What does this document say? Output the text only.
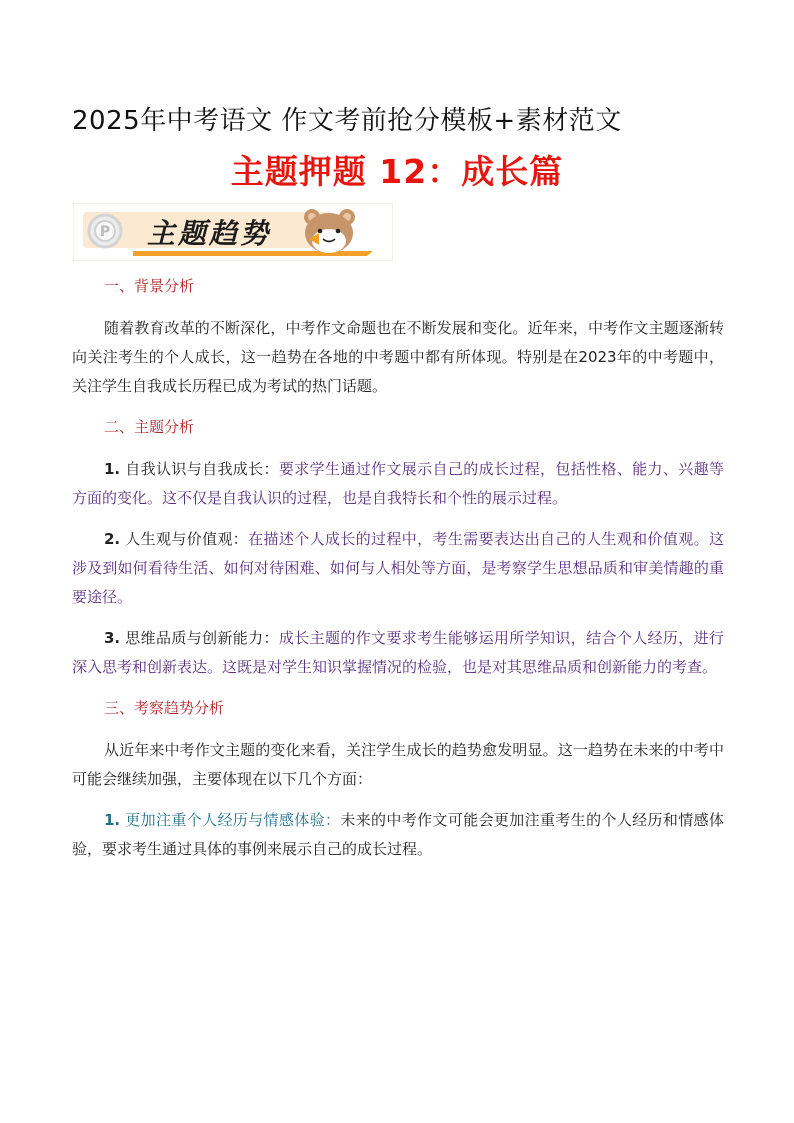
2025年中考语文 作文考前抢分模板+素材范文
主题押题 12：成长篇
P 主题趋势
一、背景分析

随着教育改革的不断深化，中考作文命题也在不断发展和变化。近年来，中考作文主题逐渐转向关注考生的个人成长，这一趋势在各地的中考题中都有所体现。特别是在2023年的中考题中，关注学生自我成长历程已成为考试的热门话题。

二、主题分析

1. 自我认识与自我成长：要求学生通过作文展示自己的成长过程，包括性格、能力、兴趣等方面的变化。这不仅是自我认识的过程，也是自我特长和个性的展示过程。

2. 人生观与价值观：在描述个人成长的过程中，考生需要表达出自己的人生观和价值观。这涉及到如何看待生活、如何对待困难、如何与人相处等方面，是考察学生思想品质和审美情趣的重要途径。

3. 思维品质与创新能力：成长主题的作文要求考生能够运用所学知识，结合个人经历，进行深入思考和创新表达。这既是对学生知识掌握情况的检验，也是对其思维品质和创新能力的考查。

三、考察趋势分析

从近年来中考作文主题的变化来看，关注学生成长的趋势愈发明显。这一趋势在未来的中考中可能会继续加强，主要体现在以下几个方面：

1. 更加注重个人经历与情感体验：未来的中考作文可能会更加注重考生的个人经历和情感体验，要求考生通过具体的事例来展示自己的成长过程。
